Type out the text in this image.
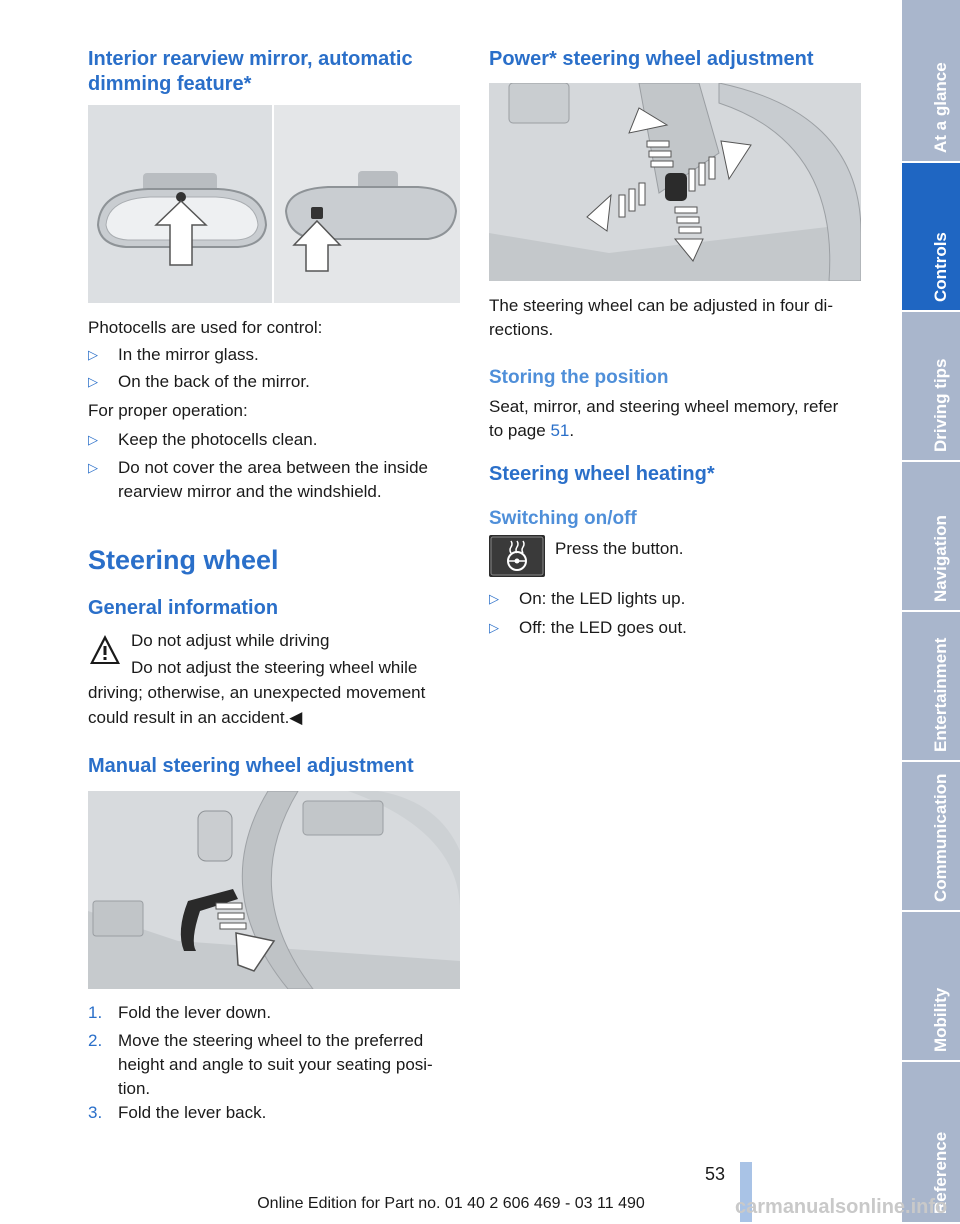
Interior rearview mirror, automatic
dimming feature*
Photocells are used for control:
▷ In the mirror glass.
▷ On the back of the mirror.
For proper operation:
▷ Keep the photocells clean.
▷ Do not cover the area between the inside
rearview mirror and the windshield.
Steering wheel
General information
Do not adjust while driving
Do not adjust the steering wheel while
driving; otherwise, an unexpected movement
could result in an accident.◀
Manual steering wheel adjustment
1. Fold the lever down.
2. Move the steering wheel to the preferred
height and angle to suit your seating posi-
tion.
3. Fold the lever back.
Power* steering wheel adjustment
The steering wheel can be adjusted in four di-
rections.
Storing the position
Seat, mirror, and steering wheel memory, refer
to page 51.
Steering wheel heating*
Switching on/off
Press the button.
▷ On: the LED lights up.
▷ Off: the LED goes out.
At a glance
Controls
Driving tips
Navigation
Entertainment
Communication
Mobility
Reference
53
Online Edition for Part no. 01 40 2 606 469 - 03 11 490	carmanualsonline.info
